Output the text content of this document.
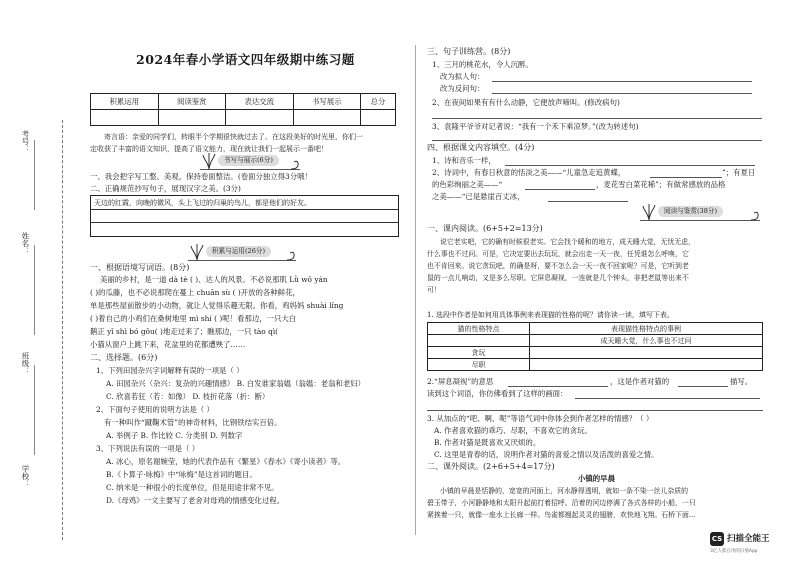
考号：
姓名：
班级：
学校：
2024年春小学语文四年级期中练习题
积累运用	阅读鉴赏	表达交流	书写展示	总分

寄言语：亲爱的同学们，转眼半个学期很快就过去了。在这段美好的时光里，你们一
定收获了丰富的语文知识，提高了语文能力，现在就让我们一起展示一番吧！
书写与展示(6分)
一、我会把字写工整、美观，保持卷面整洁。(卷面分独立得3分哦！
二、正确规范抄写句子，展现汉字之美。(3分)
天边的红霞，向晚的微风，头上飞过的归巢的鸟儿，都是他们的好友。
积累与运用(26分)
一、根据语境写词语。(8分)
美丽的乡村，是一道 dà tè ( )、达人的风景。不必说那肌 Lǜ wǒ yán
( )的瓜藤，也不必说那爬在蔓上 chuān sù ( )开放的各种鲜花，
单是那些屋前散步的小动物，就让人觉得乐趣无限。你看，鸡妈妈 shuài lǐng
( )着自己的小鸡们在桑树地里 mì shí ( )呢！看那边，一只大白
鹅正 yǐ shì bó gǒu( )地走过来了；瞧那边，一只 tào qì(
小猫从窗户上跳下来，花盆里的花都遭殃了……
二、选择题。(6分)
1、下列田园杂兴字词解释有误的一项是（ ）
A. 田园杂兴（杂兴：复杂的兴趣情感） B. 白发谁家翁媪（翁媪：老翁和老妇）
C. 欣喜若狂（若：如像） D. 枝折花落（折：断）
2、下面句子使用的说明方法是（ ）
有一种叫作“蹴鞠术管”的神奇材料，比钢铁结实百倍。
A. 举例子 B. 作比较 C. 分类别 D. 列数字
3、下列说法有误的一项是（ ）
A. 冰心，原名谢婉莹，她的代表作品有《繁星》《春水》《寄小读者》等。
B.《卜算子·咏梅》中“咏梅”是这首词的题目。
C. 纳米是一种很小的长度单位，但是用途非常不见。
D.《母鸡》一文主要写了老舍对母鸡的情感变化过程。
三、句子训练营。(8分)
1、三月的桃花水，令人沉醉。
改为拟人句：
改为反问句：
2、在夜间如果有有什么动静，它便放声啼叫。(修改病句)
3、袁隆平爷爷对记者说：“我有一个禾下乘凉梦。”(改为转述句)
四、根据课文内容填空。(4分)
1、诗和音乐一样，
2、诗词中，有春日秋意的恬淡之美——“儿童急走追黄蝶，	”；有夏日
的色彩绚丽之美——“	，麦花雪白菜花稀”；有做常感放的品格
之美——“已是悬崖百丈冰，
阅读与鉴赏(38分)
一、课内阅读。(6+5+2=13分)
说它老实吧，它的确有时候很老实。它会找个暖和的地方，成天睡大觉，无忧无虑，
什么事也不过问。可是，它决定要出去玩玩，就会出走一天一夜，任凭谁怎么呼唤，它
也不肯回来。说它贪玩吧，的确是呀，要不怎么会一天一夜不回家呢？可是，它听到老
鼠的一点儿响动，又是多么尽职。它屏息凝视，一连就是几个钟头，非把老鼠等出来不
可！
1. 选段中作者是如何用具体事例来表现猫的性格的呢？请你读一读，填写下表。
猫的性格特点	表现猫性格特点的事例
	成天睡大觉，什么事也不过问
贪玩	
尽职	
2.“屏息凝视”的意思	，这是作者对猫的	描写。
读到这个词语，你仿佛看到了这样的画面：
3. 从加点的“吧、啊、呢”等语气词中你体会到作者怎样的情感？（ ）
A. 作者喜欢猫的乖巧、尽职，不喜欢它的贪玩。
B. 作者对猫是既喜欢又厌烦的。
C. 这里是青春的话，说明作者对猫的喜爱之情以及活泼的喜爱之情。
二、课外阅读。(2+6+5+4=17分)
小镇的早晨
小镇的早晨是恬静的，宽宽的河面上，河水静得透明，就如一条不染一丝儿杂质的
碧玉带子，小河静静地和太阳升起前打着招呼。沿着的河边停满了各式各样的小船，一只
紧挨着一只，就像一座水上长廊一样。鸟雀都翘起灵灵的翅膀，欢快地飞翔。石桥下面...
CS 扫描全能王
3亿人都在用的扫描App
